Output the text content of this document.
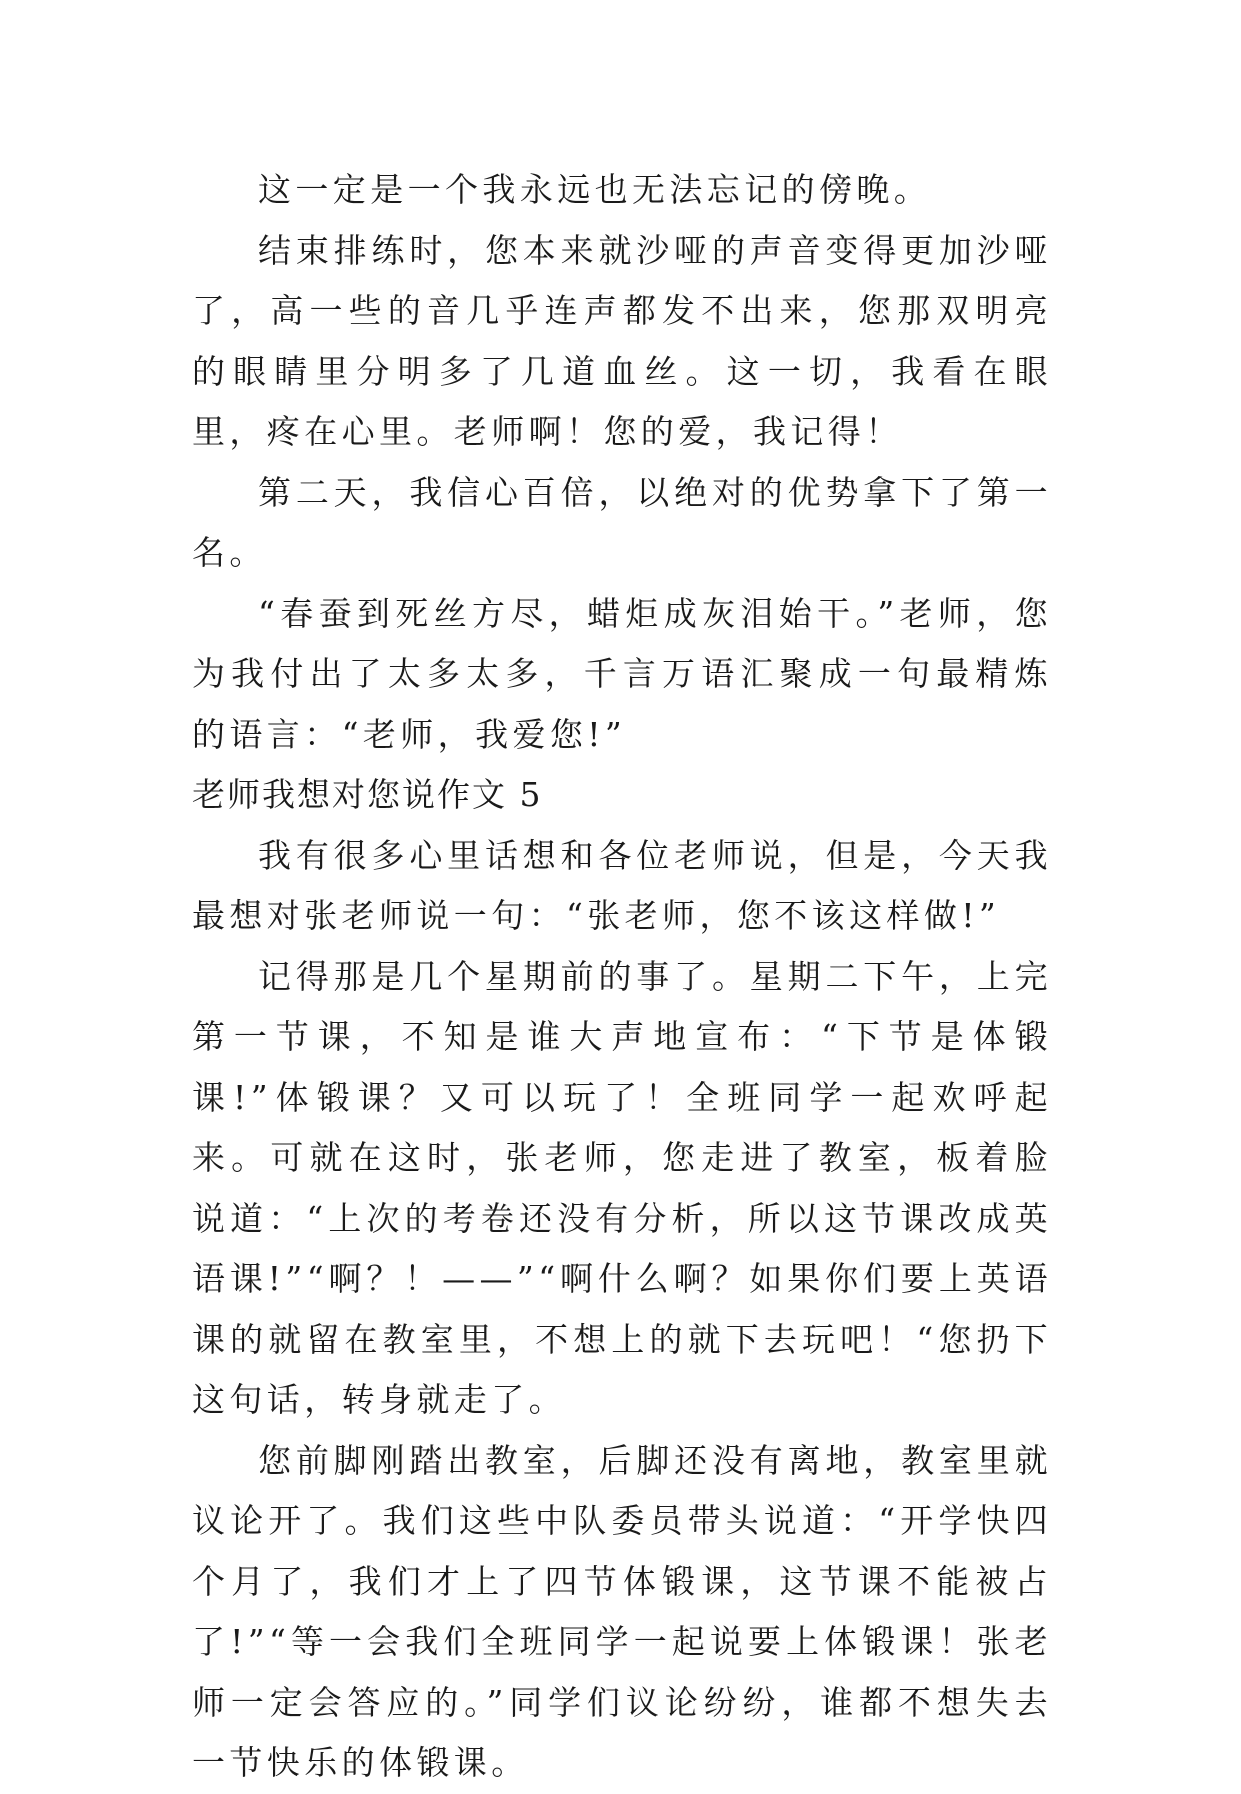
这一定是一个我永远也无法忘记的傍晚。

结束排练时，您本来就沙哑的声音变得更加沙哑了，高一些的音几乎连声都发不出来，您那双明亮的眼睛里分明多了几道血丝。这一切，我看在眼里，疼在心里。老师啊！您的爱，我记得！

第二天，我信心百倍，以绝对的优势拿下了第一名。

“春蚕到死丝方尽，蜡炬成灰泪始干。”老师，您为我付出了太多太多，千言万语汇聚成一句最精炼的语言：“老师，我爱您!”

老师我想对您说作文 5

我有很多心里话想和各位老师说，但是，今天我最想对张老师说一句：“张老师，您不该这样做!”

记得那是几个星期前的事了。星期二下午，上完第一节课，不知是谁大声地宣布：“下节是体锻课!”体锻课？又可以玩了！全班同学一起欢呼起来。可就在这时，张老师，您走进了教室，板着脸说道：“上次的考卷还没有分析，所以这节课改成英语课!”“啊？！——”“啊什么啊？如果你们要上英语课的就留在教室里，不想上的就下去玩吧！“您扔下这句话，转身就走了。

您前脚刚踏出教室，后脚还没有离地，教室里就议论开了。我们这些中队委员带头说道：“开学快四个月了，我们才上了四节体锻课，这节课不能被占了!”“等一会我们全班同学一起说要上体锻课！张老师一定会答应的。”同学们议论纷纷，谁都不想失去一节快乐的体锻课。
